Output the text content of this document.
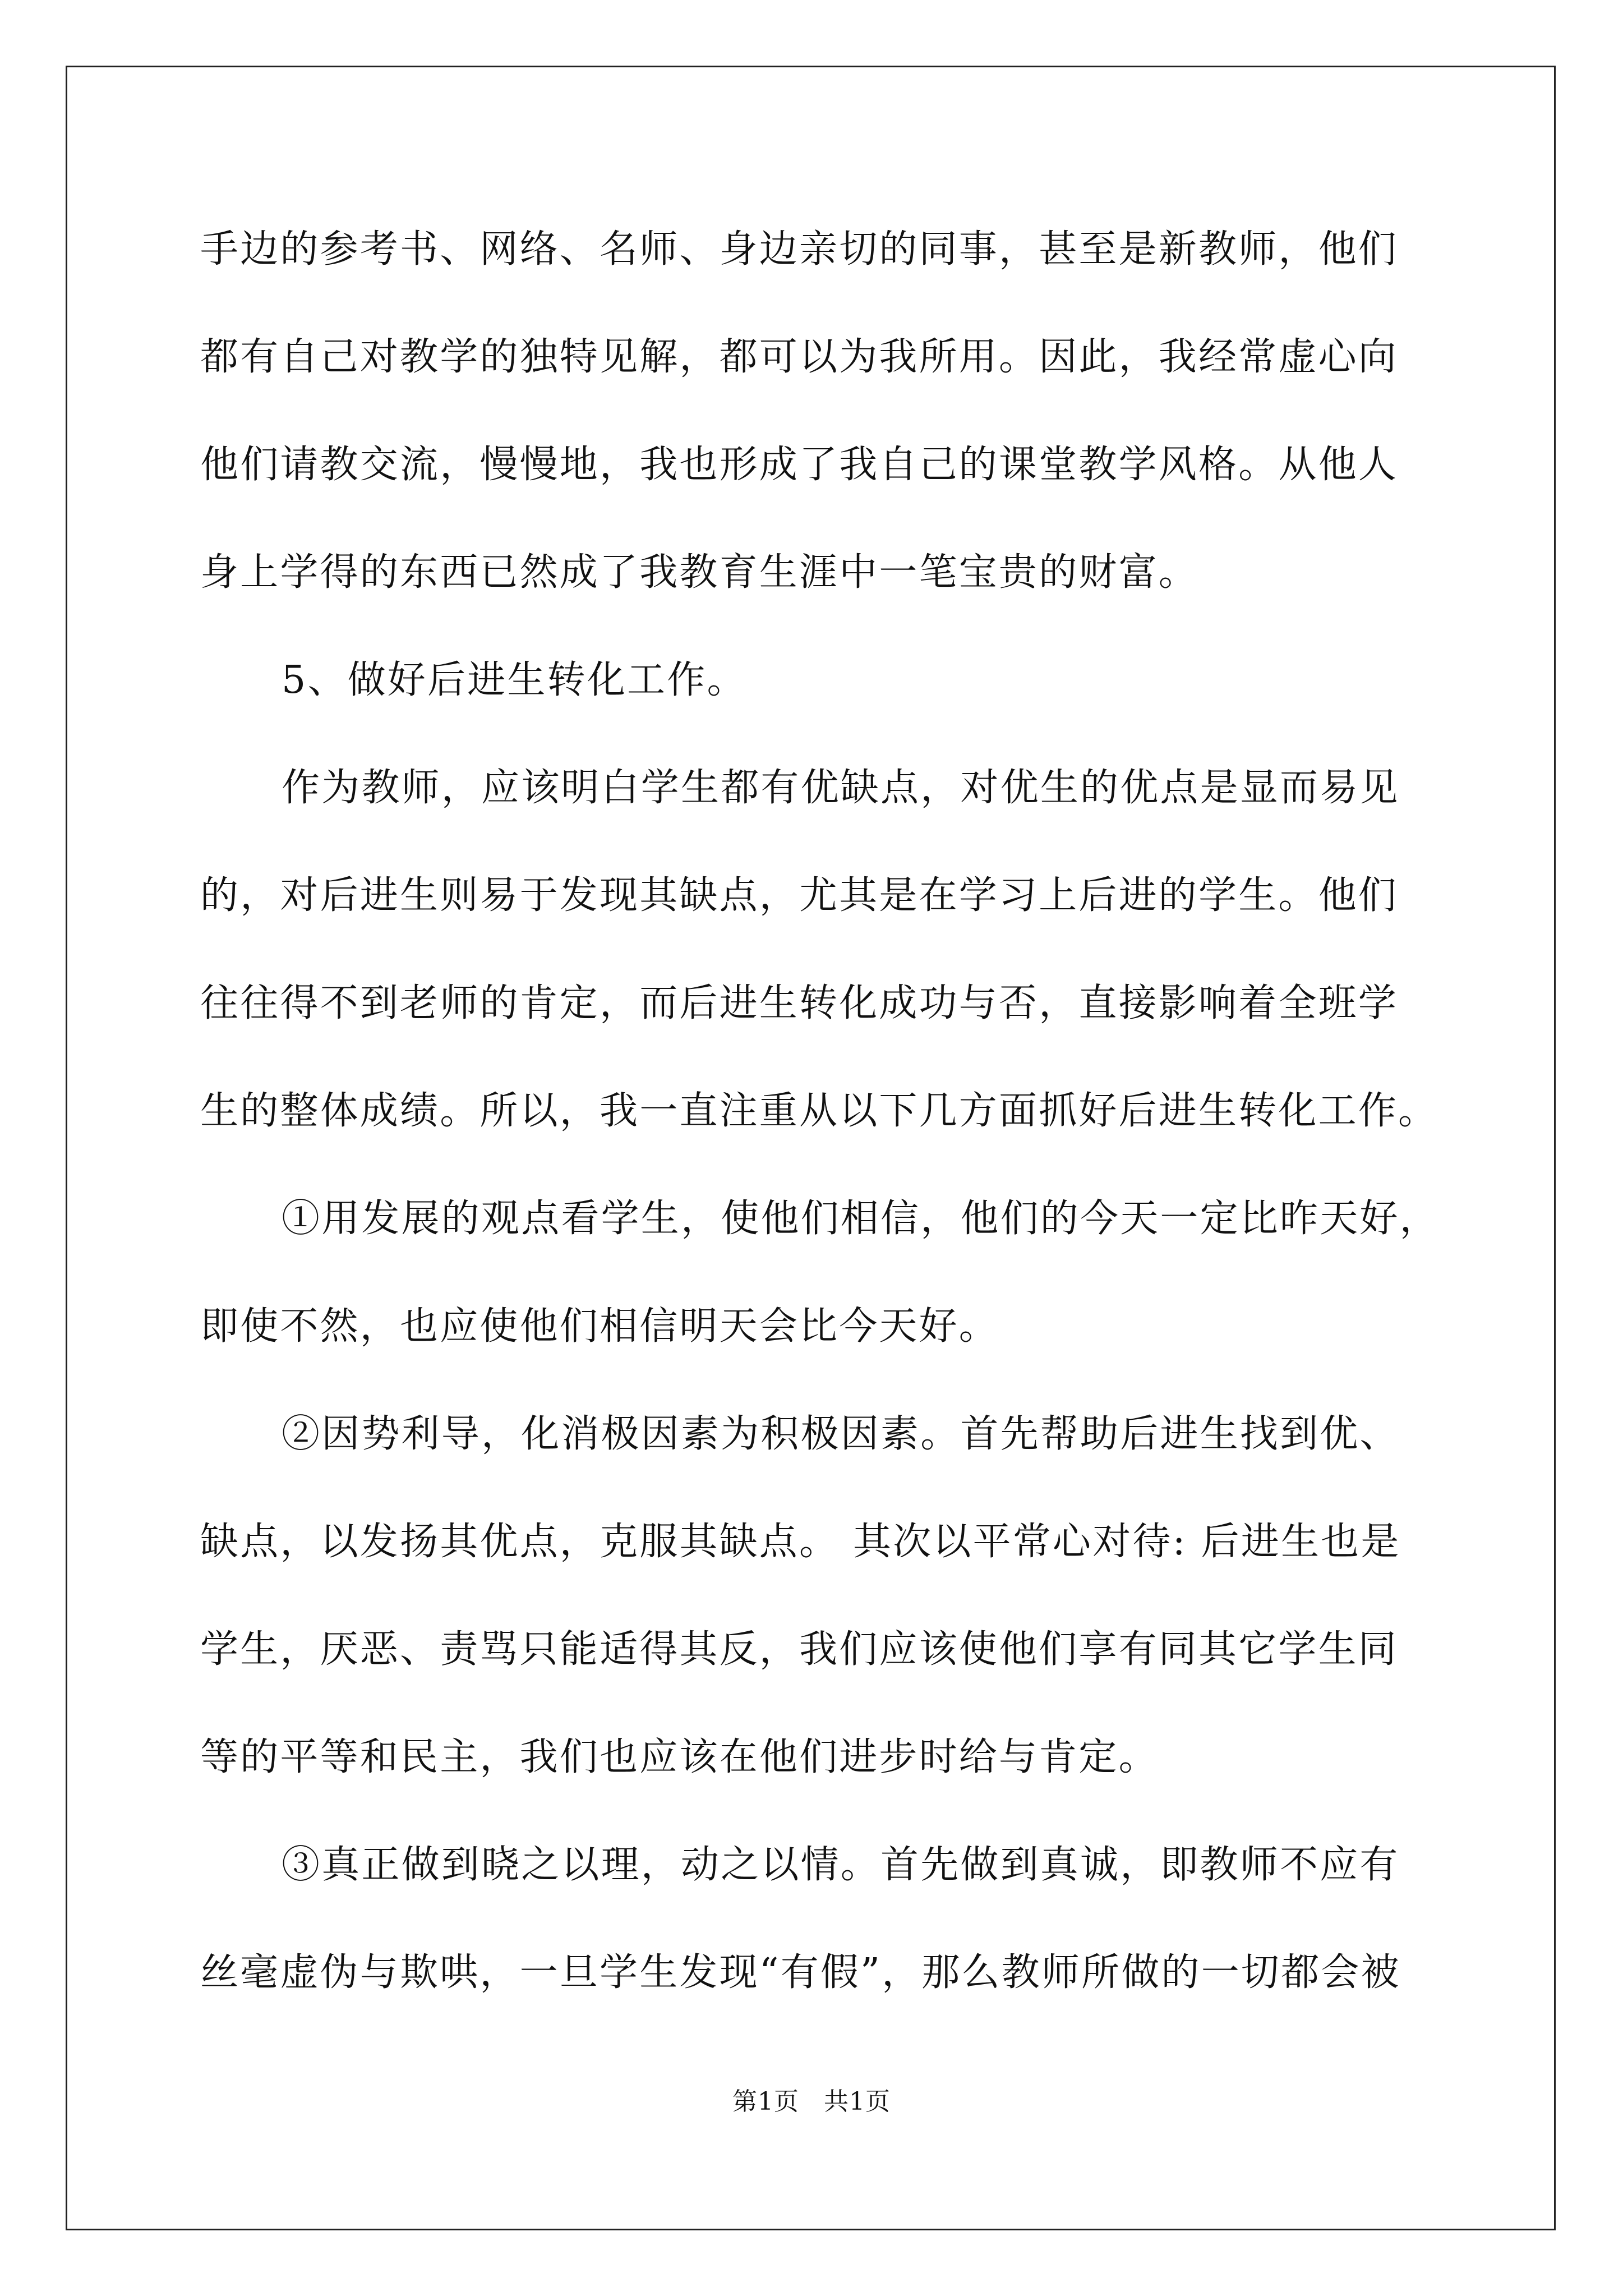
手边的参考书、网络、名师、身边亲切的同事，甚至是新教师，他们
都有自己对教学的独特见解，都可以为我所用。因此，我经常虚心向
他们请教交流，慢慢地，我也形成了我自己的课堂教学风格。从他人
身上学得的东西已然成了我教育生涯中一笔宝贵的财富。
5、做好后进生转化工作。
作为教师，应该明白学生都有优缺点，对优生的优点是显而易见
的，对后进生则易于发现其缺点，尤其是在学习上后进的学生。他们
往往得不到老师的肯定，而后进生转化成功与否，直接影响着全班学
生的整体成绩。所以，我一直注重从以下几方面抓好后进生转化工作。
①用发展的观点看学生，使他们相信，他们的今天一定比昨天好，
即使不然，也应使他们相信明天会比今天好。
②因势利导，化消极因素为积极因素。首先帮助后进生找到优、
缺点，以发扬其优点，克服其缺点。 其次以平常心对待: 后进生也是
学生，厌恶、责骂只能适得其反，我们应该使他们享有同其它学生同
等的平等和民主，我们也应该在他们进步时给与肯定。
③真正做到晓之以理，动之以情。首先做到真诚，即教师不应有
丝毫虚伪与欺哄，一旦学生发现“有假”，那么教师所做的一切都会被
第1页 共1页
